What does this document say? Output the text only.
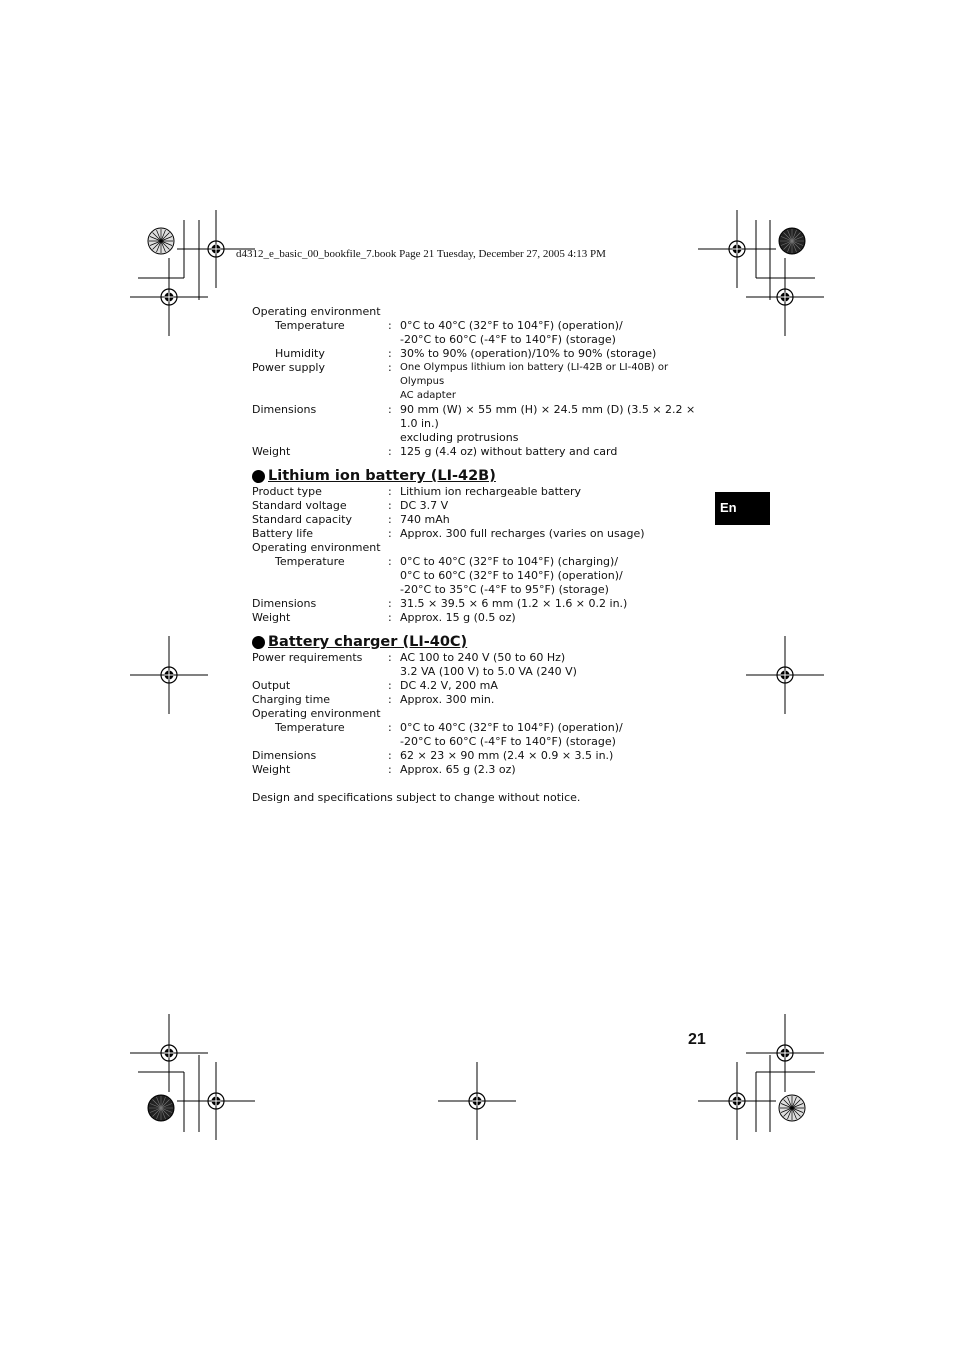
d4312_e_basic_00_bookfile_7.book Page 21 Tuesday, December 27, 2005 4:13 PM
Operating environment
Temperature	: 0°C to 40°C (32°F to 104°F) (operation)/
-20°C to 60°C (-4°F to 140°F) (storage)
Humidity	: 30% to 90% (operation)/10% to 90% (storage)
Power supply	: One Olympus lithium ion battery (LI-42B or LI-40B) or Olympus
AC adapter
Dimensions	: 90 mm (W) × 55 mm (H) × 24.5 mm (D) (3.5 × 2.2 × 1.0 in.)
excluding protrusions
Weight	: 125 g (4.4 oz) without battery and card
Lithium ion battery (LI-42B)
Product type	: Lithium ion rechargeable battery
Standard voltage	: DC 3.7 V
Standard capacity	: 740 mAh
Battery life	: Approx. 300 full recharges (varies on usage)
Operating environment
Temperature	: 0°C to 40°C (32°F to 104°F) (charging)/
0°C to 60°C (32°F to 140°F) (operation)/
-20°C to 35°C (-4°F to 95°F) (storage)
Dimensions	: 31.5 × 39.5 × 6 mm (1.2 × 1.6 × 0.2 in.)
Weight	: Approx. 15 g (0.5 oz)
Battery charger (LI-40C)
Power requirements	: AC 100 to 240 V (50 to 60 Hz)
3.2 VA (100 V) to 5.0 VA (240 V)
Output	: DC 4.2 V, 200 mA
Charging time	: Approx. 300 min.
Operating environment
Temperature	: 0°C to 40°C (32°F to 104°F) (operation)/
-20°C to 60°C (-4°F to 140°F) (storage)
Dimensions	: 62 × 23 × 90 mm (2.4 × 0.9 × 3.5 in.)
Weight	: Approx. 65 g (2.3 oz)
Design and specifications subject to change without notice.
En
21
